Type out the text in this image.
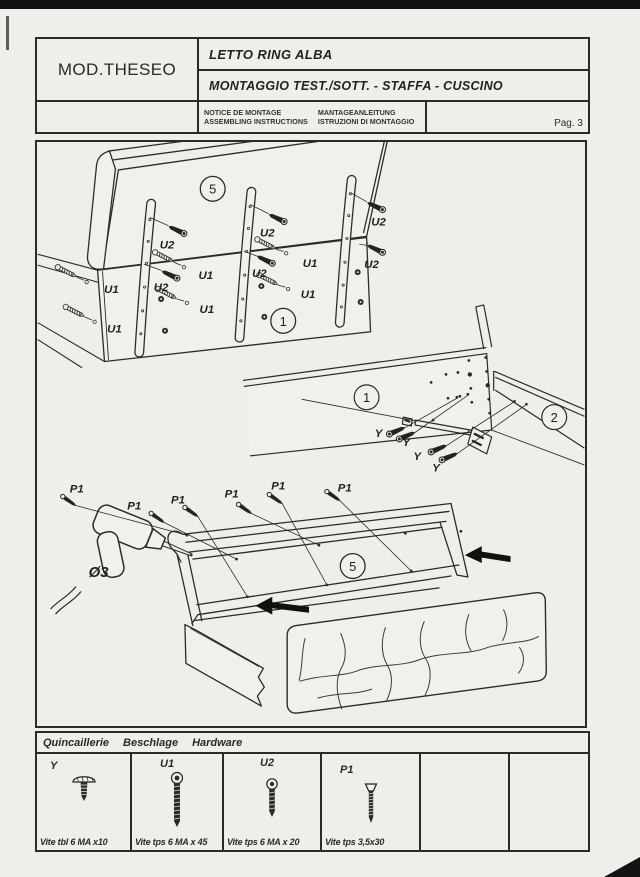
MOD.THESEO
LETTO RING ALBA
MONTAGGIO TEST./SOTT. - STAFFA - CUSCINO
NOTICE DE MONTAGE
ASSEMBLING INSTRUCTIONS
MANTAGEANLEITUNG
ISTRUZIONI DI MONTAGGIO	Pag. 3
U2
U2
U2
U2
U2
U2
U1
U1
U1
U1
U1
U1
5
1
Y
Y
Y
Y
1
2
Ø3
P1
P1	P1	P1
P1	P1
5
Quincaillerie Beschlage Hardware
Y
Vite tbl 6 MA x10
U1
Vite tps 6 MA x 45
U2
Vite tps 6 MA x 20
P1
Vite tps 3,5x30
